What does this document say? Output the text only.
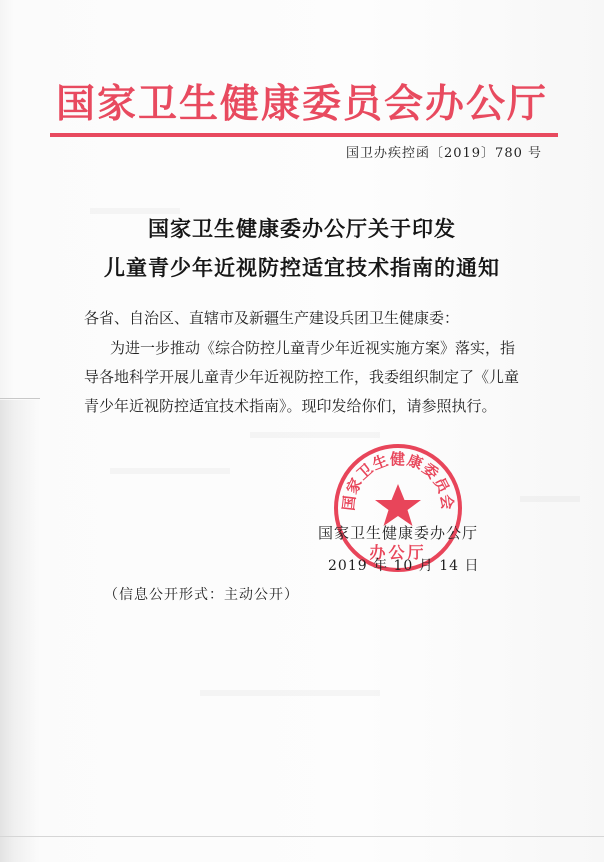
国家卫生健康委员会办公厅
国卫办疾控函〔2019〕780 号
国家卫生健康委办公厅关于印发
儿童青少年近视防控适宜技术指南的通知
各省、自治区、直辖市及新疆生产建设兵团卫生健康委：
为进一步推动《综合防控儿童青少年近视实施方案》落实，指
导各地科学开展儿童青少年近视防控工作，我委组织制定了《儿童
青少年近视防控适宜技术指南》。现印发给你们，请参照执行。
国家卫生健康委员会
国家卫生健康委办公厅
办公厅
2019 年 10 月 14 日
（信息公开形式：主动公开）
